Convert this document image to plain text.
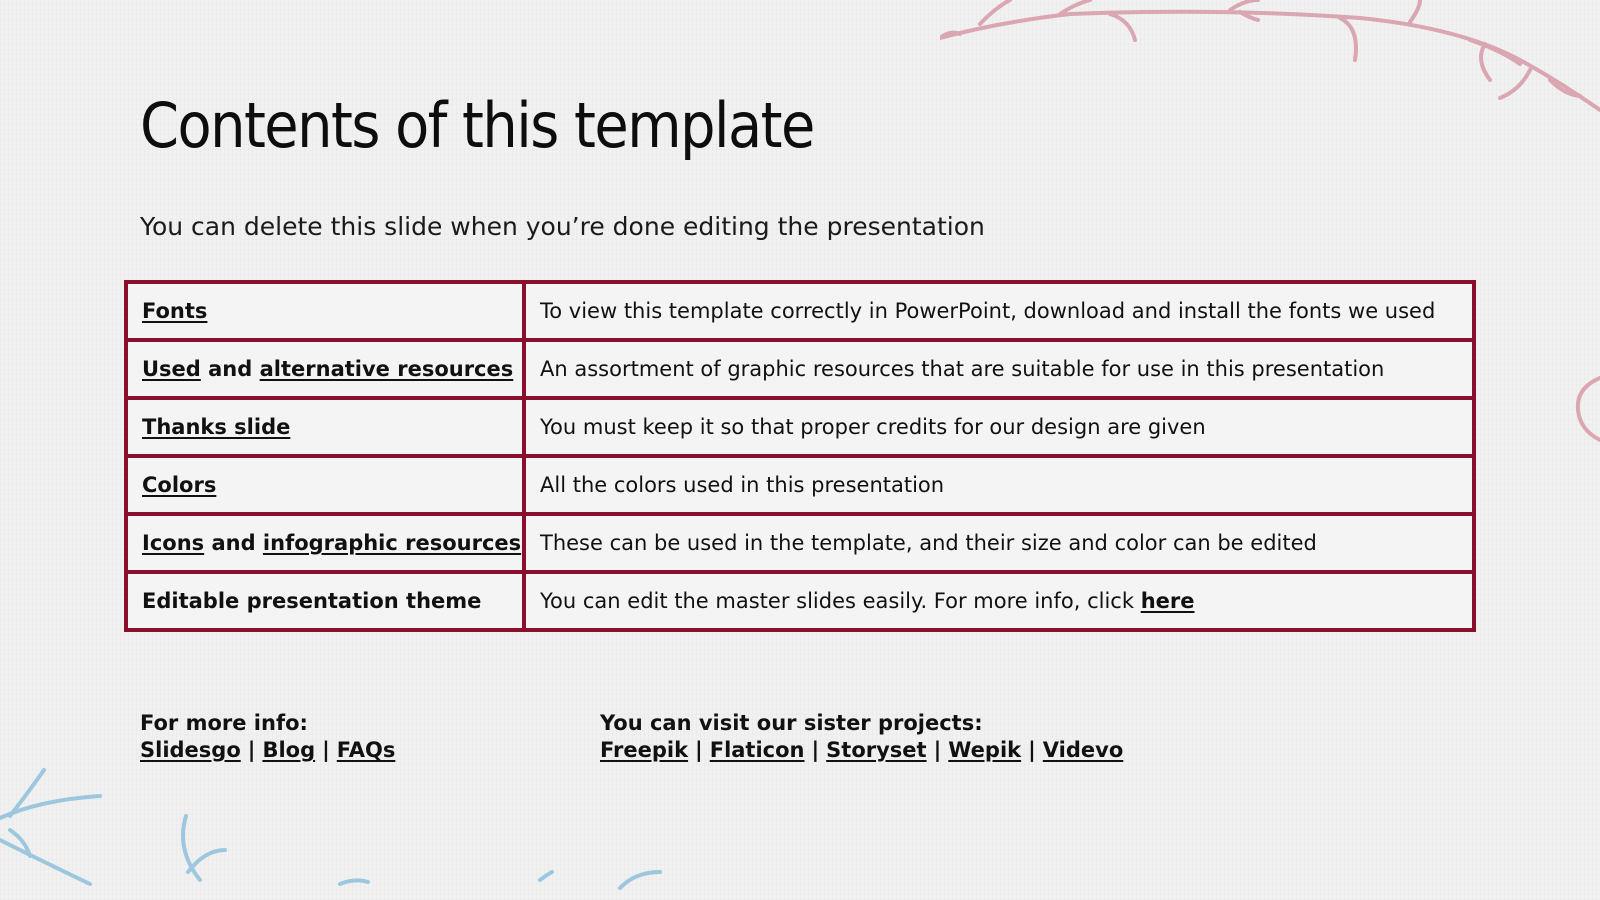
Contents of this template
You can delete this slide when you’re done editing the presentation
Fonts	To view this template correctly in PowerPoint, download and install the fonts we used
Used and alternative resources	An assortment of graphic resources that are suitable for use in this presentation
Thanks slide	You must keep it so that proper credits for our design are given
Colors	All the colors used in this presentation
Icons and infographic resources	These can be used in the template, and their size and color can be edited
Editable presentation theme	You can edit the master slides easily. For more info, click here
For more info:
Slidesgo | Blog | FAQs
You can visit our sister projects:
Freepik | Flaticon | Storyset | Wepik | Videvo
